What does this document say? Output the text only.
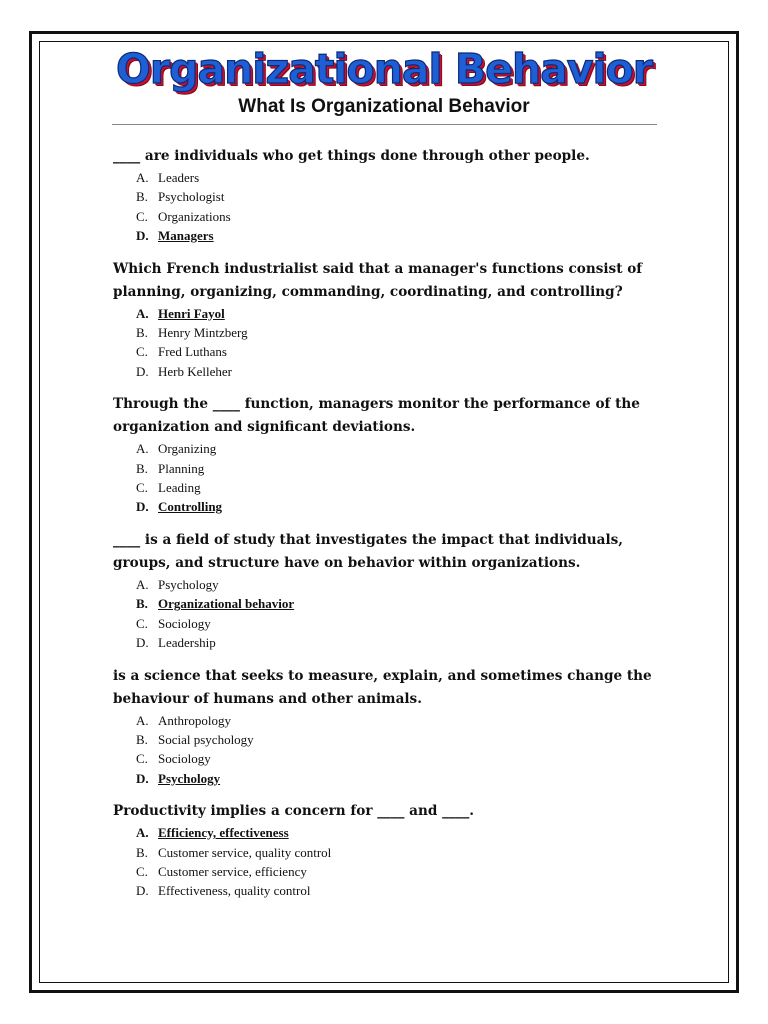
Organizational Behavior
What Is Organizational Behavior
____ are individuals who get things done through other people.
A. Leaders
B. Psychologist
C. Organizations
D. Managers
Which French industrialist said that a manager's functions consist of planning, organizing, commanding, coordinating, and controlling?
A. Henri Fayol
B. Henry Mintzberg
C. Fred Luthans
D. Herb Kelleher
Through the ____ function, managers monitor the performance of the organization and significant deviations.
A. Organizing
B. Planning
C. Leading
D. Controlling
____ is a field of study that investigates the impact that individuals, groups, and structure have on behavior within organizations.
A. Psychology
B. Organizational behavior
C. Sociology
D. Leadership
is a science that seeks to measure, explain, and sometimes change the behaviour of humans and other animals.
A. Anthropology
B. Social psychology
C. Sociology
D. Psychology
Productivity implies a concern for ____ and ____.
A. Efficiency, effectiveness
B. Customer service, quality control
C. Customer service, efficiency
D. Effectiveness, quality control
